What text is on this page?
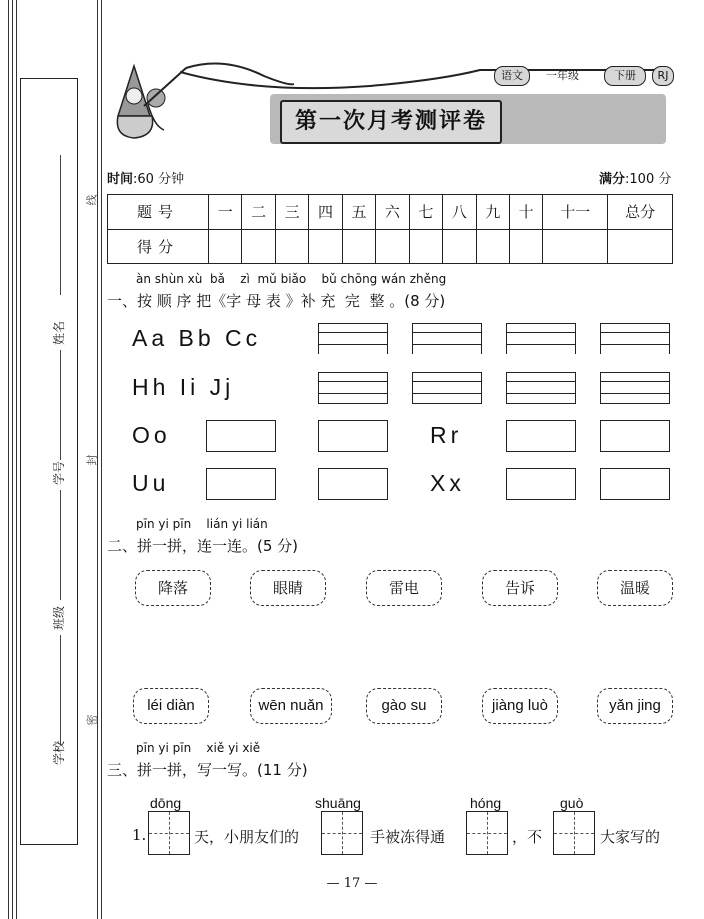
姓名
学号
班级
学校
线
封
密
语文	一年级	下册	RJ
第一次月考测评卷
时间:60 分钟	满分:100 分
题号	一	二	三	四	五	六	七	八	九	十	十一	总分
得分												
àn shùn xù  bǎ    zì  mǔ biǎo    bǔ chōng wán zhěng
一、按 顺 序 把《字 母 表 》补 充  完  整 。(8 分)
Aa Bb Cc
Hh Ii Jj
Oo	Rr
Uu	Xx
pīn yi pīn    lián yi lián
二、拼一拼，连一连。(5 分)
降落	眼睛	雷电	告诉	温暖
léi diàn	wēn nuǎn	gào su	jiàng luò	yǎn jing
pīn yi pīn    xiě yi xiě
三、拼一拼，写一写。(11 分)
dōng	shuāng	hóng	guò
1.	天，小朋友们的	手被冻得通	，不	大家写的
— 17 —
